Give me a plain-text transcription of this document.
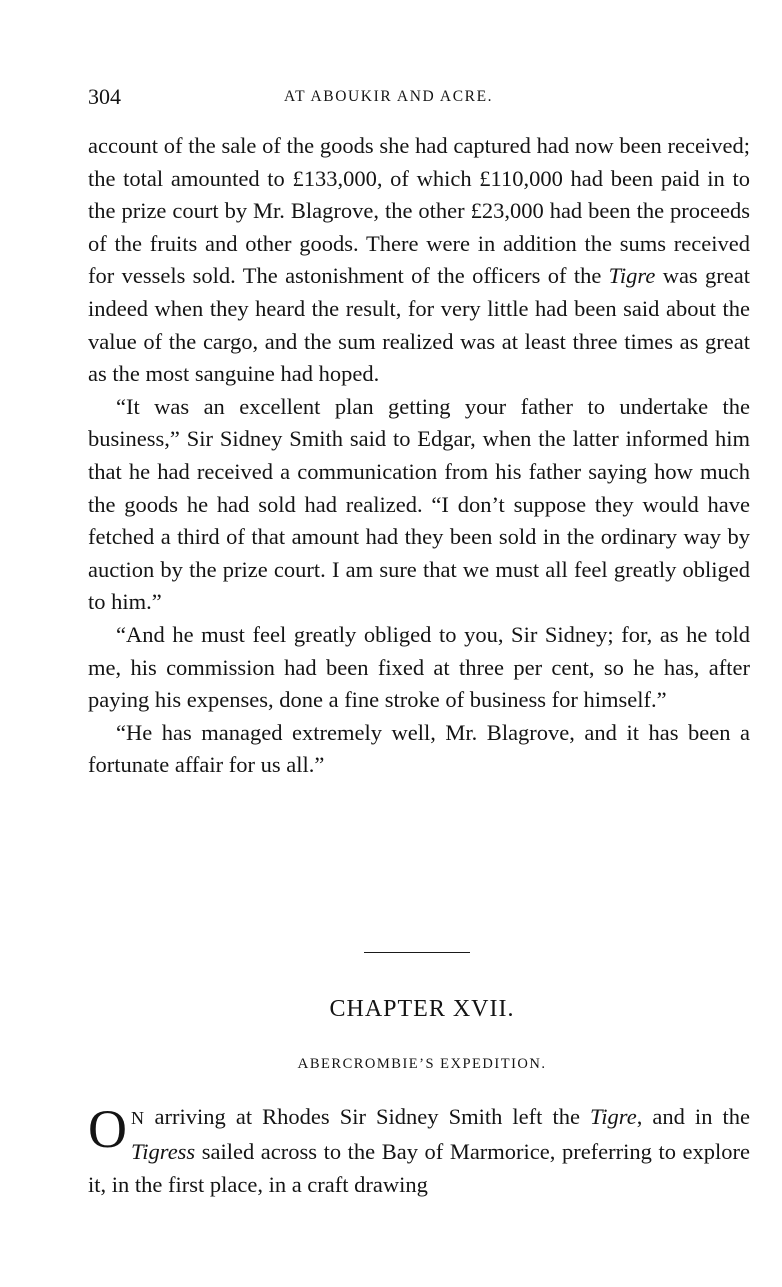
304	AT ABOUKIR AND ACRE.

account of the sale of the goods she had captured had now been received; the total amounted to £133,000, of which £110,000 had been paid in to the prize court by Mr. Blagrove, the other £23,000 had been the proceeds of the fruits and other goods. There were in addition the sums received for vessels sold. The astonishment of the officers of the Tigre was great indeed when they heard the result, for very little had been said about the value of the cargo, and the sum realized was at least three times as great as the most sanguine had hoped.

“It was an excellent plan getting your father to undertake the business,” Sir Sidney Smith said to Edgar, when the latter informed him that he had received a communication from his father saying how much the goods he had sold had realized. “I don’t suppose they would have fetched a third of that amount had they been sold in the ordinary way by auction by the prize court. I am sure that we must all feel greatly obliged to him.”

“And he must feel greatly obliged to you, Sir Sidney; for, as he told me, his commission had been fixed at three per cent, so he has, after paying his expenses, done a fine stroke of business for himself.”

“He has managed extremely well, Mr. Blagrove, and it has been a fortunate affair for us all.”

CHAPTER XVII.
ABERCROMBIE’S EXPEDITION.

O N arriving at Rhodes Sir Sidney Smith left the Tigre, and in the Tigress sailed across to the Bay of Marmorice, preferring to explore it, in the first place, in a craft drawing
